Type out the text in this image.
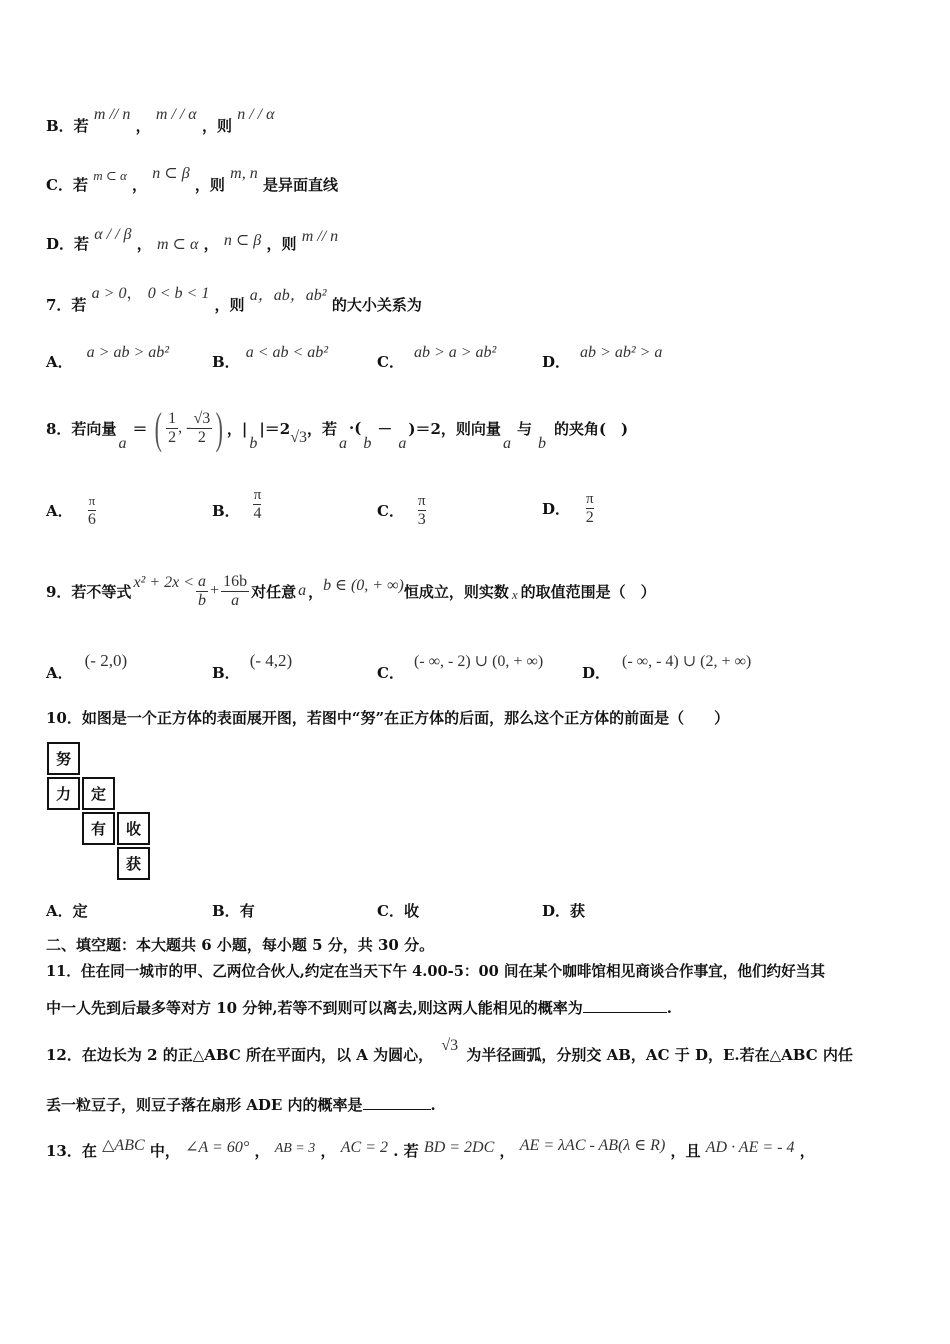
B．若 m // n ， m / / α ，则 n / / α
C．若 m ⊂ α ， n ⊂ β ，则 m, n 是异面直线
D．若 α / / β ， m ⊂ α ， n ⊂ β ，则 m // n
7．若 a > 0， 0 < b < 1 ，则 a，ab，ab² 的大小关系为
A．a > ab > ab²
B．a < ab < ab²
C．ab > a > ab²
D．ab > ab² > a
8．若向量
a
＝ ( $\frac{1}{2}$ , - $\frac{√3}{2}$ ) ，|
b
|＝2 √3 ，若
a
·(
b
－
a
)＝2，则向量
a
与
b
的夹角(　)
A． $\frac{\pi}{6}$	B． $\frac{\pi}{4}$	C． $\frac{\pi}{3}$	D． $\frac{\pi}{2}$
9．若不等式 $x^2 + 2x < \frac{a}{b} + \frac{16b}{a}$ 对任意 a ， b ∈ (0, + ∞) 恒成立，则实数 x 的取值范围是（　）
A．(- 2,0)
B．(- 4,2)
C．(- ∞, - 2) ∪ (0, + ∞)
D．(- ∞, - 4) ∪ (2, + ∞)
10．如图是一个正方体的表面展开图，若图中“努”在正方体的后面，那么这个正方体的前面是（　　）
努
力	定
有	收
获
A．定	B．有	C．收	D．获
二、填空题：本大题共 6 小题，每小题 5 分，共 30 分。
11．住在同一城市的甲、乙两位合伙人,约定在当天下午 4.00-5：00 间在某个咖啡馆相见商谈合作事宜，他们约好当其
中一人先到后最多等对方 10 分钟,若等不到则可以离去,则这两人能相见的概率为	.
12．在边长为 2 的正△ABC 所在平面内，以 A 为圆心， √3 为半径画弧，分别交 AB，AC 于 D，E.若在△ABC 内任
丢一粒豆子，则豆子落在扇形 ADE 内的概率是	.
13．在 △ABC 中， ∠A = 60° ， AB = 3 ， AC = 2 . 若 BD = 2DC ， AE = λAC - AB(λ ∈ R) ，且 AD · AE = - 4 ，
